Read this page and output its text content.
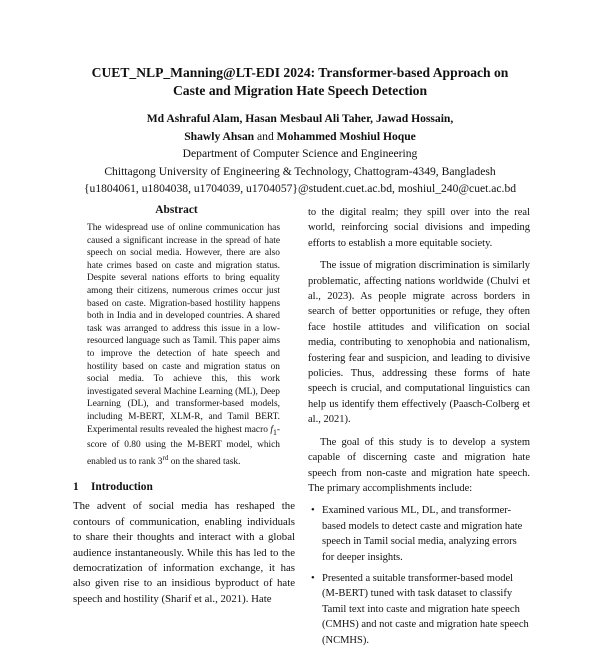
CUET_NLP_Manning@LT-EDI 2024: Transformer-based Approach on
Caste and Migration Hate Speech Detection
Md Ashraful Alam, Hasan Mesbaul Ali Taher, Jawad Hossain,
Shawly Ahsan and Mohammed Moshiul Hoque
Department of Computer Science and Engineering
Chittagong University of Engineering & Technology, Chattogram-4349, Bangladesh
{u1804061, u1804038, u1704039, u1704057}@student.cuet.ac.bd, moshiul_240@cuet.ac.bd
Abstract

The widespread use of online communication has caused a significant increase in the spread of hate speech on social media. However, there are also hate crimes based on caste and migration status. Despite several nations efforts to bring equality among their citizens, numerous crimes occur just based on caste. Migration-based hostility happens both in India and in developed countries. A shared task was arranged to address this issue in a low-resourced language such as Tamil. This paper aims to improve the detection of hate speech and hostility based on caste and migration status on social media. To achieve this, this work investigated several Machine Learning (ML), Deep Learning (DL), and transformer-based models, including M-BERT, XLM-R, and Tamil BERT. Experimental results revealed the highest macro $f_1$-score of 0.80 using the M-BERT model, which enabled us to rank 3rd on the shared task.

1 Introduction

The advent of social media has reshaped the contours of communication, enabling individuals to share their thoughts and interact with a global audience instantaneously. While this has led to the democratization of information exchange, it has also given rise to an insidious byproduct of hate speech and hostility (Sharif et al., 2021). Hate

to the digital realm; they spill over into the real world, reinforcing social divisions and impeding efforts to establish a more equitable society.

The issue of migration discrimination is similarly problematic, affecting nations worldwide (Chulvi et al., 2023). As people migrate across borders in search of better opportunities or refuge, they often face hostile attitudes and vilification on social media, contributing to xenophobia and nationalism, fostering fear and suspicion, and leading to divisive policies. Thus, addressing these forms of hate speech is crucial, and computational linguistics can help us identify them effectively (Paasch-Colberg et al., 2021).

The goal of this study is to develop a system capable of discerning caste and migration hate speech from non-caste and migration hate speech. The primary accomplishments include:

• Examined various ML, DL, and transformer-based models to detect caste and migration hate speech in Tamil social media, analyzing errors for deeper insights.
• Presented a suitable transformer-based model (M-BERT) tuned with task dataset to classify Tamil text into caste and migration hate speech (CMHS) and not caste and migration hate speech (NCMHS).
